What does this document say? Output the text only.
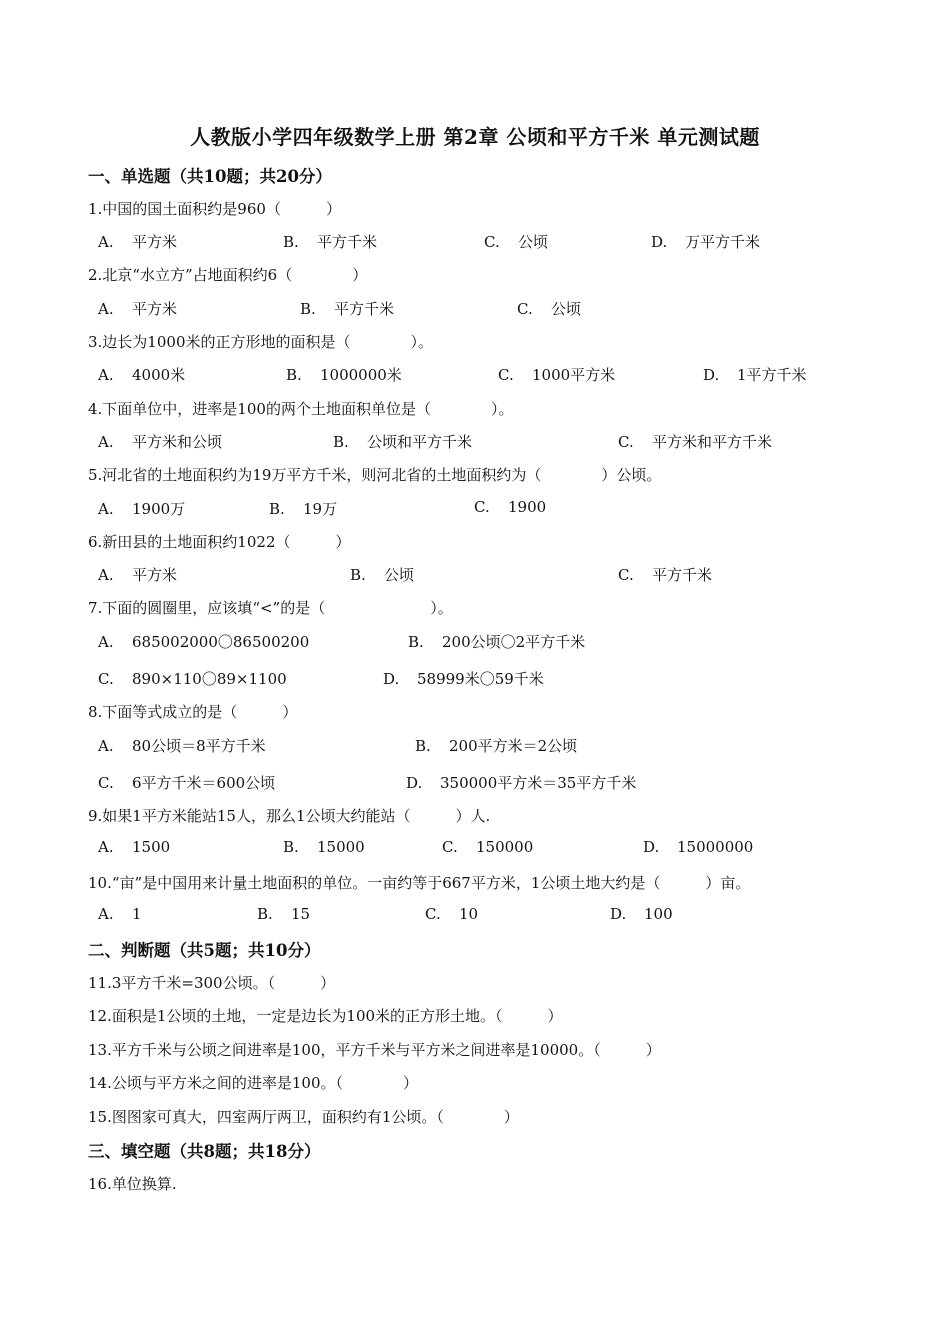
人教版小学四年级数学上册 第2章 公顷和平方千米 单元测试题
一、单选题（共10题；共20分）
1.中国的国土面积约是960（　　　）
A. 平方米	B. 平方千米	C. 公顷	D. 万平方千米
2.北京“水立方”占地面积约6（　　　　）
A. 平方米	B. 平方千米	C. 公顷
3.边长为1000米的正方形地的面积是（　　　　）。
A. 4000米	B. 1000000米	C. 1000平方米	D. 1平方千米
4.下面单位中，进率是100的两个土地面积单位是（　　　　）。
A. 平方米和公顷	B. 公顷和平方千米	C. 平方米和平方千米
5.河北省的土地面积约为19万平方千米，则河北省的土地面积约为（　　　　）公顷。
A. 1900万	B. 19万	C. 1900
6.新田县的土地面积约1022（　　　）
A. 平方米	B. 公顷	C. 平方千米
7.下面的圆圈里，应该填“<”的是（　　　　　　　）。
A. 685002000〇86500200	B. 200公顷〇2平方千米
C. 890×110〇89×1100	D. 58999米〇59千米
8.下面等式成立的是（　　　）
A. 80公顷＝8平方千米	B. 200平方米＝2公顷
C. 6平方千米＝600公顷	D. 350000平方米＝35平方千米
9.如果1平方米能站15人，那么1公顷大约能站（　　　）人.
A. 1500	B. 15000	C. 150000	D. 15000000
10.“亩”是中国用来计量土地面积的单位。一亩约等于667平方米，1公顷土地大约是（　　　）亩。
A. 1	B. 15	C. 10	D. 100
二、判断题（共5题；共10分）
11.3平方千米=300公顷。（　　　）
12.面积是1公顷的土地，一定是边长为100米的正方形土地。（　　　）
13.平方千米与公顷之间进率是100，平方千米与平方米之间进率是10000。（　　　）
14.公顷与平方米之间的进率是100。（　　　　）
15.图图家可真大，四室两厅两卫，面积约有1公顷。（　　　　）
三、填空题（共8题；共18分）
16.单位换算.
